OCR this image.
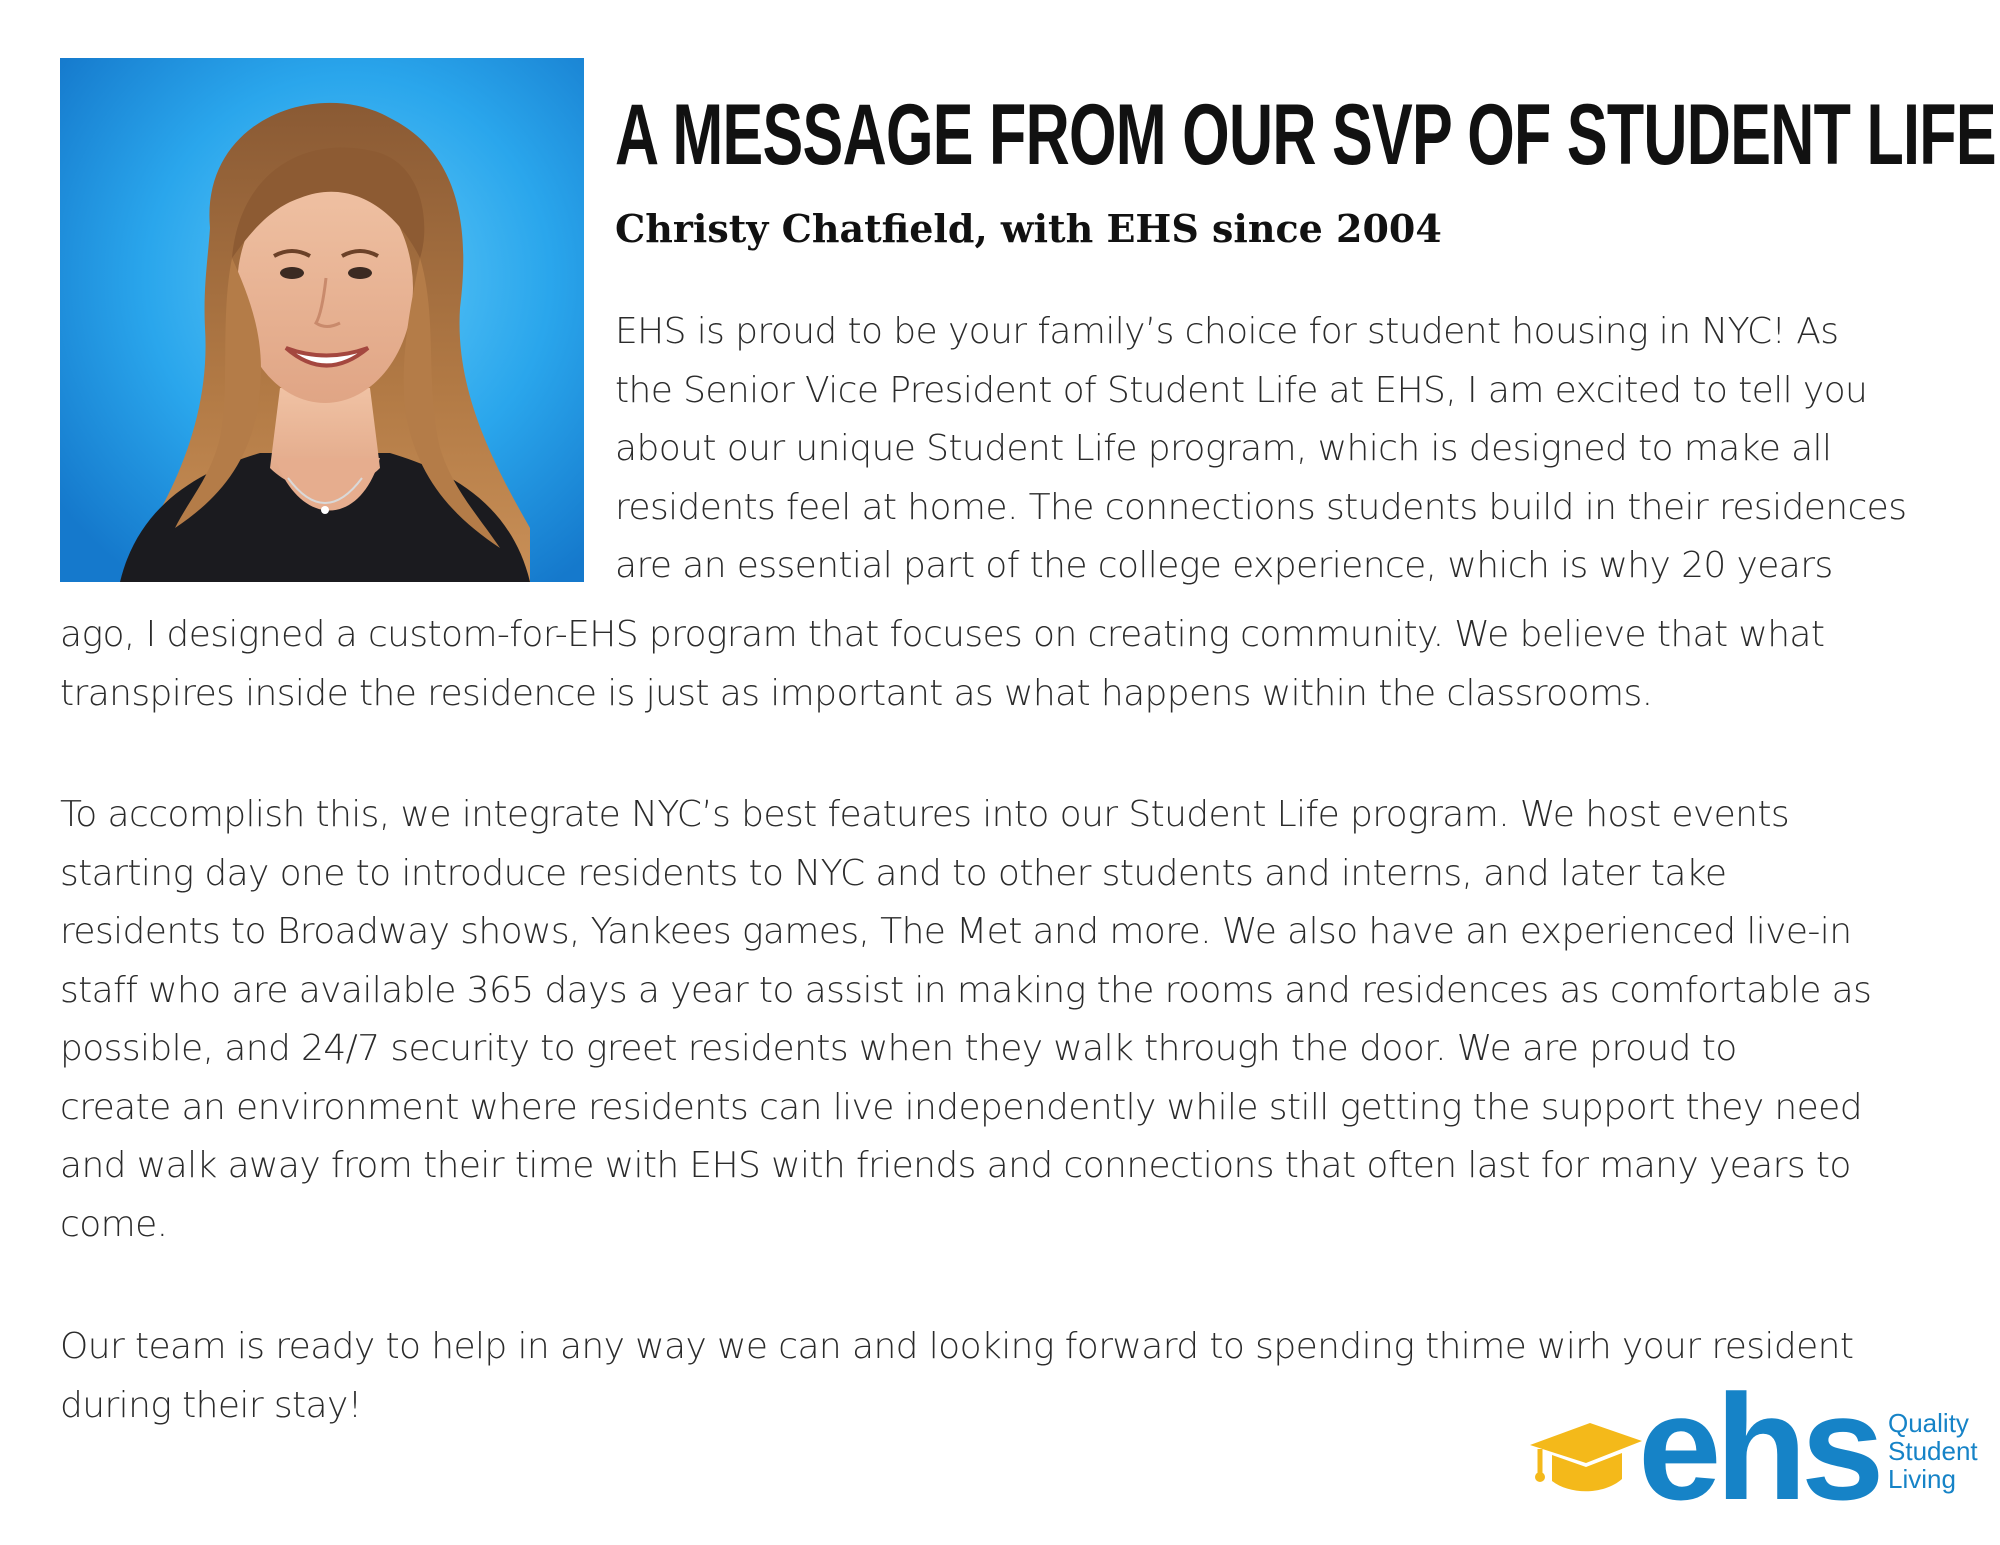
A MESSAGE FROM OUR SVP OF STUDENT LIFE
Christy Chatfield, with EHS since 2004
EHS is proud to be your family’s choice for student housing in NYC! As
the Senior Vice President of Student Life at EHS, I am excited to tell you
about our unique Student Life program, which is designed to make all
residents feel at home. The connections students build in their residences
are an essential part of the college experience, which is why 20 years
ago, I designed a custom-for-EHS program that focuses on creating community. We believe that what
transpires inside the residence is just as important as what happens within the classrooms.
To accomplish this, we integrate NYC’s best features into our Student Life program. We host events
starting day one to introduce residents to NYC and to other students and interns, and later take
residents to Broadway shows, Yankees games, The Met and more. We also have an experienced live-in
staff who are available 365 days a year to assist in making the rooms and residences as comfortable as
possible, and 24/7 security to greet residents when they walk through the door. We are proud to
create an environment where residents can live independently while still getting the support they need
and walk away from their time with EHS with friends and connections that often last for many years to
come.
Our team is ready to help in any way we can and looking forward to spending thime wirh your resident
during their stay!	ehs Quality
Student
Living
